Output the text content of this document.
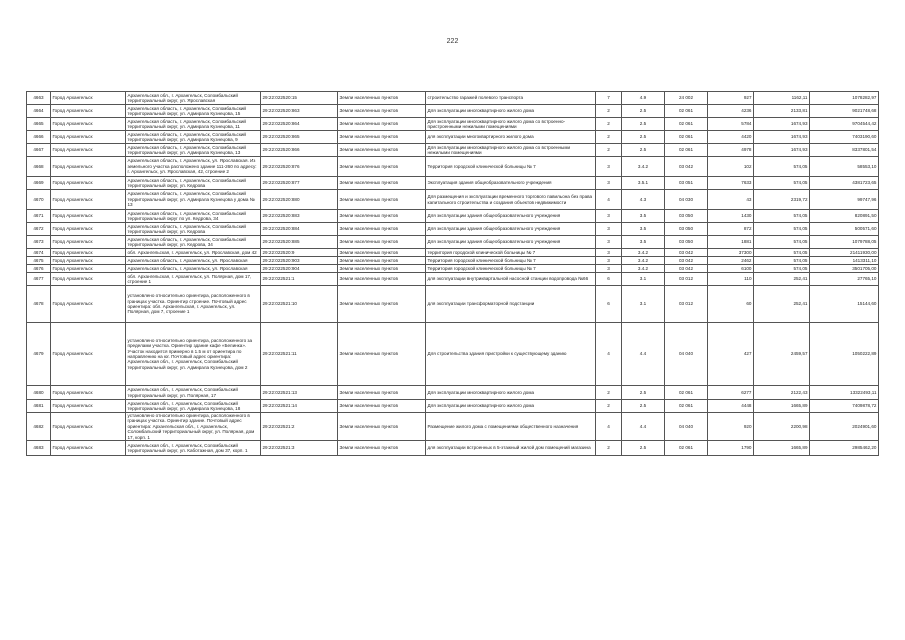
222
4663	Город Архангельск	Архангельская обл., г. Архангельск, Соломбальский территориальный округ, ул. Ярославская	29:22:022520:15	Земли населенных пунктов	строительство гаражей полевого транспорта	7	4.9	24 002	927	1162,11	1078282,97
4664	Город Архангельск	Архангельская область, г. Архангельск, Соломбальский территориальный округ, ул. Адмирала Кузнецова, 15	29:22:022520:863	Земли населенных пунктов	Для эксплуатации многоквартирного жилого дома	2	2.5	02 061	4236	2133,81	9021748,68
4665	Город Архангельск	Архангельская область, г. Архангельск, Соломбальский территориальный округ, ул. Адмирала Кузнецова, 11	29:22:022520:864	Земли населенных пунктов	Для эксплуатации многоквартирного жилого дома со встроенно-пристроенными нежилыми помещениями	2	2.5	02 061	5784	1674,93	9704544,42
4666	Город Архангельск	Архангельская область, г. Архангельск, Соломбальский территориальный округ, ул. Адмирала Кузнецова, 9	29:22:022520:865	Земли населенных пунктов	для эксплуатации многоквартирного жилого дома	2	2.5	02 061	4420	1674,93	7403190,60
4667	Город Архангельск	Архангельская область, г. Архангельск, Соломбальский территориальный округ, ул. Адмирала Кузнецова, 13	29:22:022520:866	Земли населенных пунктов	Для эксплуатации многоквартирного жилого дома со встроенными нежилыми помещениями	2	2.5	02 061	4978	1674,93	8337801,54
4668	Город Архангельск	Архангельская область, г. Архангельск, ул. Ярославская. Из земельного участка расположено здание 111-260 по адресу: г. Архангельск, ул. Ярославская, 42, строение 2	29:22:022520:876	Земли населенных пунктов	Территория городской клинической больницы № 7	3	3.4.2	03 042	102	574,05	58553,10
4669	Город Архангельск	Архангельская область, г. Архангельск, Соломбальский территориальный округ, ул. Кедрова	29:22:022520:877	Земли населенных пунктов	Эксплуатация здания общеобразовательного учреждения	3	3.5.1	03 051	7633	574,05	4381723,65
4670	Город Архангельск	Архангельская область, г. Архангельск, Соломбальский территориальный округ, ул. Адмирала Кузнецова у дома № 13	29:22:022520:880	Земли населенных пунктов	Для размещения и эксплуатации временного торгового павильона без права капитального строительства и создания объектов недвижимости	4	4.3	04 030	43	2319,72	99747,96
4671	Город Архангельск	Архангельская область, г. Архангельск, Соломбальский территориальный округ по ул. Кедрова, 34	29:22:022520:883	Земли населенных пунктов	Для эксплуатации здания общеобразовательного учреждения	3	3.5	03 050	1430	574,05	820891,50
4672	Город Архангельск	Архангельская область, г. Архангельск, Соломбальский территориальный округ, ул. Кедрова	29:22:022520:884	Земли населенных пунктов	Для эксплуатации здания общеобразовательного учреждения	3	3.5	03 050	872	574,05	500571,60
4673	Город Архангельск	Архангельская область, г. Архангельск, Соломбальский территориальный округ, ул. Кедрова, 34	29:22:022520:885	Земли населенных пунктов	Для эксплуатации здания общеобразовательного учреждения	3	3.5	03 050	1881	574,05	1079788,05
4674	Город Архангельск	обл. Архангельская, г. Архангельск, ул. Ярославская, дом 42	29:22:022520:9	Земли населенных пунктов	территория городской клинической больницы № 7	3	3.4.2	03 042	37300	574,05	21411930,00
4675	Город Архангельск	Архангельская область, г. Архангельск, ул. Ярославская	29:22:022520:903	Земли населенных пунктов	Территория городской клинической больницы № 7	3	3.4.2	03 042	2462	574,05	1413311,10
4676	Город Архангельск	Архангельская область, г. Архангельск, ул. Ярославская	29:22:022520:904	Земли населенных пунктов	Территория городской клинической больницы № 7	3	3.4.2	03 042	6100	574,05	3501705,00
4677	Город Архангельск	обл. Архангельская, г. Архангельск, ул. Полярная, дом 17, строение 1	29:22:022521:1	Земли населенных пунктов	для эксплуатации внутриквартальной насосной станции водопровода №66	6	3.1	03 012	110	252,41	27765,10
4678	Город Архангельск	установлено относительно ориентира, расположенного в границах участка. Ориентир строение. Почтовый адрес ориентира: обл. Архангельская, г. Архангельск, ул. Полярная, дом 7, строение 1	29:22:022521:10	Земли населенных пунктов	для эксплуатации трансформаторной подстанции	6	3.1	03 012	60	252,41	15144,60
4679	Город Архангельск	установлено относительно ориентира, расположенного за пределами участка. Ориентир здание кафе «Белинка». Участок находится примерно в 1.5 м от ориентира по направлению на юг. Почтовый адрес ориентира: Архангельская обл., г. Архангельск, Соломбальский территориальный округ, ул. Адмирала Кузнецова, дом 2	29:22:022521:11	Земли населенных пунктов	Для строительства здания пристройки к существующему зданию	4	4.4	04 040	427	2459,57	1050222,89
4680	Город Архангельск	Архангельская обл., г. Архангельск, Соломбальский территориальный округ, ул. Полярная, 17	29:22:022521:13	Земли населенных пунктов	Для эксплуатации многоквартирного жилого дома	2	2.5	02 061	6277	2122,43	13322493,11
4681	Город Архангельск	Архангельская обл., г. Архангельск, Соломбальский территориальный округ, ул. Адмирала Кузнецова, 18	29:22:022521:14	Земли населенных пунктов	Для эксплуатации многоквартирного жилого дома	2	2.5	02 061	4448	1665,89	7409878,72
4682	Город Архангельск	установлено относительно ориентира, расположенного в границах участка. Ориентир здание. Почтовый адрес ориентира: Архангельская обл., г. Архангельск, Соломбальский территориальный округ, ул. Полярная, дом 17, корп. 1	29:22:022521:2	Земли населенных пунктов	Размещение жилого дома с помещениями общественного назначения	4	4.4	04 040	920	2200,98	2024901,60
4683	Город Архангельск	Архангельская обл., г. Архангельск, Соломбальский территориальный округ, ул. Каботажная, дом 37, корп. 1	29:22:022521:3	Земли населенных пунктов	для эксплуатации встроенных в 5-этажный жилой дом помещений магазина	2	2.5	02 061	1790	1665,89	2985462,20
